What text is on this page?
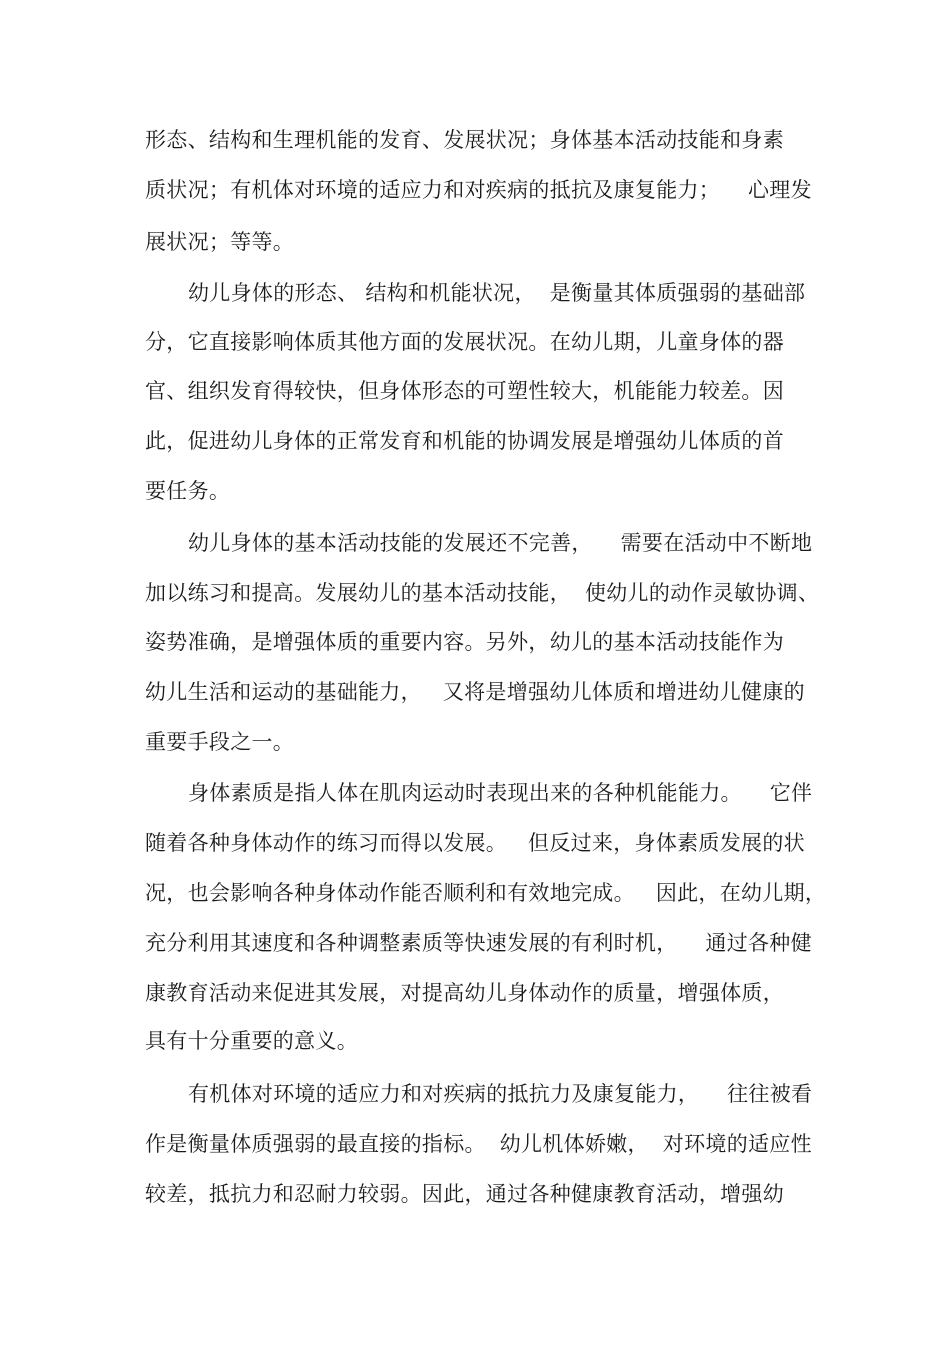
形态、结构和生理机能的发育、发展状况；身体基本活动技能和身素
质状况；有机体对环境的适应力和对疾病的抵抗及康复能力；    心理发
展状况；等等。
幼儿身体的形态、 结构和机能状况，  是衡量其体质强弱的基础部
分，它直接影响体质其他方面的发展状况。在幼儿期，儿童身体的器
官、组织发育得较快，但身体形态的可塑性较大，机能能力较差。因
此，促进幼儿身体的正常发育和机能的协调发展是增强幼儿体质的首
要任务。
幼儿身体的基本活动技能的发展还不完善，    需要在活动中不断地
加以练习和提高。发展幼儿的基本活动技能，  使幼儿的动作灵敏协调、
姿势准确，是增强体质的重要内容。另外，幼儿的基本活动技能作为
幼儿生活和运动的基础能力，   又将是增强幼儿体质和增进幼儿健康的
重要手段之一。
身体素质是指人体在肌肉运动时表现出来的各种机能能力。    它伴
随着各种身体动作的练习而得以发展。   但反过来，身体素质发展的状
况，也会影响各种身体动作能否顺利和有效地完成。   因此，在幼儿期，
充分利用其速度和各种调整素质等快速发展的有利时机，    通过各种健
康教育活动来促进其发展，对提高幼儿身体动作的质量，增强体质，
具有十分重要的意义。
有机体对环境的适应力和对疾病的抵抗力及康复能力，    往往被看
作是衡量体质强弱的最直接的指标。  幼儿机体娇嫩，  对环境的适应性
较差，抵抗力和忍耐力较弱。因此，通过各种健康教育活动，增强幼
